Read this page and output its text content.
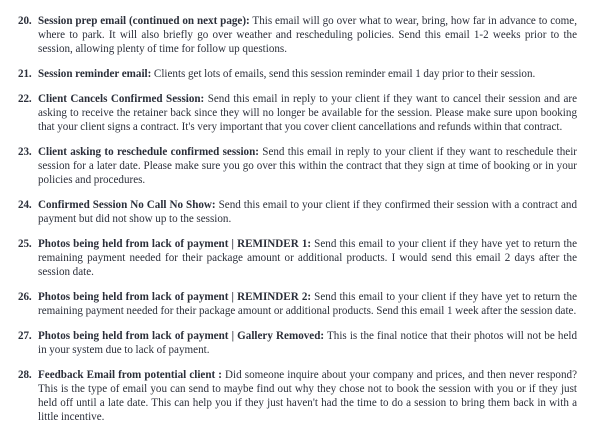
20. Session prep email (continued on next page): This email will go over what to wear, bring, how far in advance to come, where to park. It will also briefly go over weather and rescheduling policies. Send this email 1-2 weeks prior to the session, allowing plenty of time for follow up questions.
21. Session reminder email: Clients get lots of emails, send this session reminder email 1 day prior to their session.
22. Client Cancels Confirmed Session: Send this email in reply to your client if they want to cancel their session and are asking to receive the retainer back since they will no longer be available for the session. Please make sure upon booking that your client signs a contract. It's very important that you cover client cancellations and refunds within that contract.
23. Client asking to reschedule confirmed session: Send this email in reply to your client if they want to reschedule their session for a later date. Please make sure you go over this within the contract that they sign at time of booking or in your policies and procedures.
24. Confirmed Session No Call No Show: Send this email to your client if they confirmed their session with a contract and payment but did not show up to the session.
25. Photos being held from lack of payment | REMINDER 1: Send this email to your client if they have yet to return the remaining payment needed for their package amount or additional products. I would send this email 2 days after the session date.
26. Photos being held from lack of payment | REMINDER 2: Send this email to your client if they have yet to return the remaining payment needed for their package amount or additional products. Send this email 1 week after the session date.
27. Photos being held from lack of payment | Gallery Removed: This is the final notice that their photos will not be held in your system due to lack of payment.
28. Feedback Email from potential client : Did someone inquire about your company and prices, and then never respond? This is the type of email you can send to maybe find out why they chose not to book the session with you or if they just held off until a late date. This can help you if they just haven't had the time to do a session to bring them back in with a little incentive.
